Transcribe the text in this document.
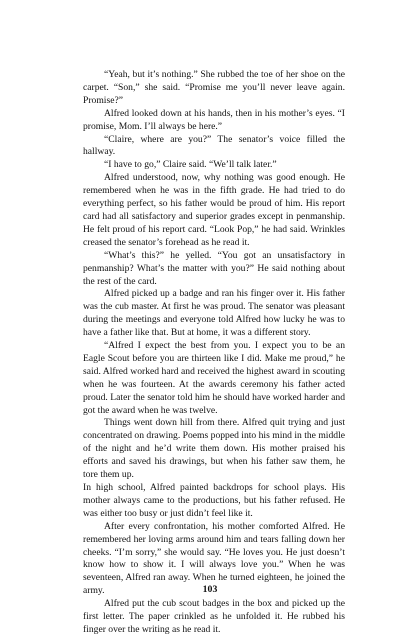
“Yeah, but it’s nothing.” She rubbed the toe of her shoe on the carpet. “Son,” she said. “Promise me you’ll never leave again. Promise?”

Alfred looked down at his hands, then in his mother’s eyes. “I promise, Mom. I’ll always be here.”

“Claire, where are you?” The senator’s voice filled the hallway.

“I have to go,” Claire said. “We’ll talk later.”

Alfred understood, now, why nothing was good enough. He remembered when he was in the fifth grade. He had tried to do everything perfect, so his father would be proud of him. His report card had all satisfactory and superior grades except in penmanship. He felt proud of his report card. “Look Pop,” he had said. Wrinkles creased the senator’s forehead as he read it.

“What’s this?” he yelled. “You got an unsatisfactory in penmanship? What’s the matter with you?” He said nothing about the rest of the card.

Alfred picked up a badge and ran his finger over it. His father was the cub master. At first he was proud. The senator was pleasant during the meetings and everyone told Alfred how lucky he was to have a father like that. But at home, it was a different story.

“Alfred I expect the best from you. I expect you to be an Eagle Scout before you are thirteen like I did. Make me proud,” he said. Alfred worked hard and received the highest award in scouting when he was fourteen. At the awards ceremony his father acted proud. Later the senator told him he should have worked harder and got the award when he was twelve.

Things went down hill from there. Alfred quit trying and just concentrated on drawing. Poems popped into his mind in the middle of the night and he’d write them down. His mother praised his efforts and saved his drawings, but when his father saw them, he tore them up.

In high school, Alfred painted backdrops for school plays. His mother always came to the productions, but his father refused. He was either too busy or just didn’t feel like it.

After every confrontation, his mother comforted Alfred. He remembered her loving arms around him and tears falling down her cheeks. “I’m sorry,” she would say. “He loves you. He just doesn’t know how to show it. I will always love you.” When he was seventeen, Alfred ran away. When he turned eighteen, he joined the army.

Alfred put the cub scout badges in the box and picked up the first letter. The paper crinkled as he unfolded it. He rubbed his finger over the writing as he read it.

103
